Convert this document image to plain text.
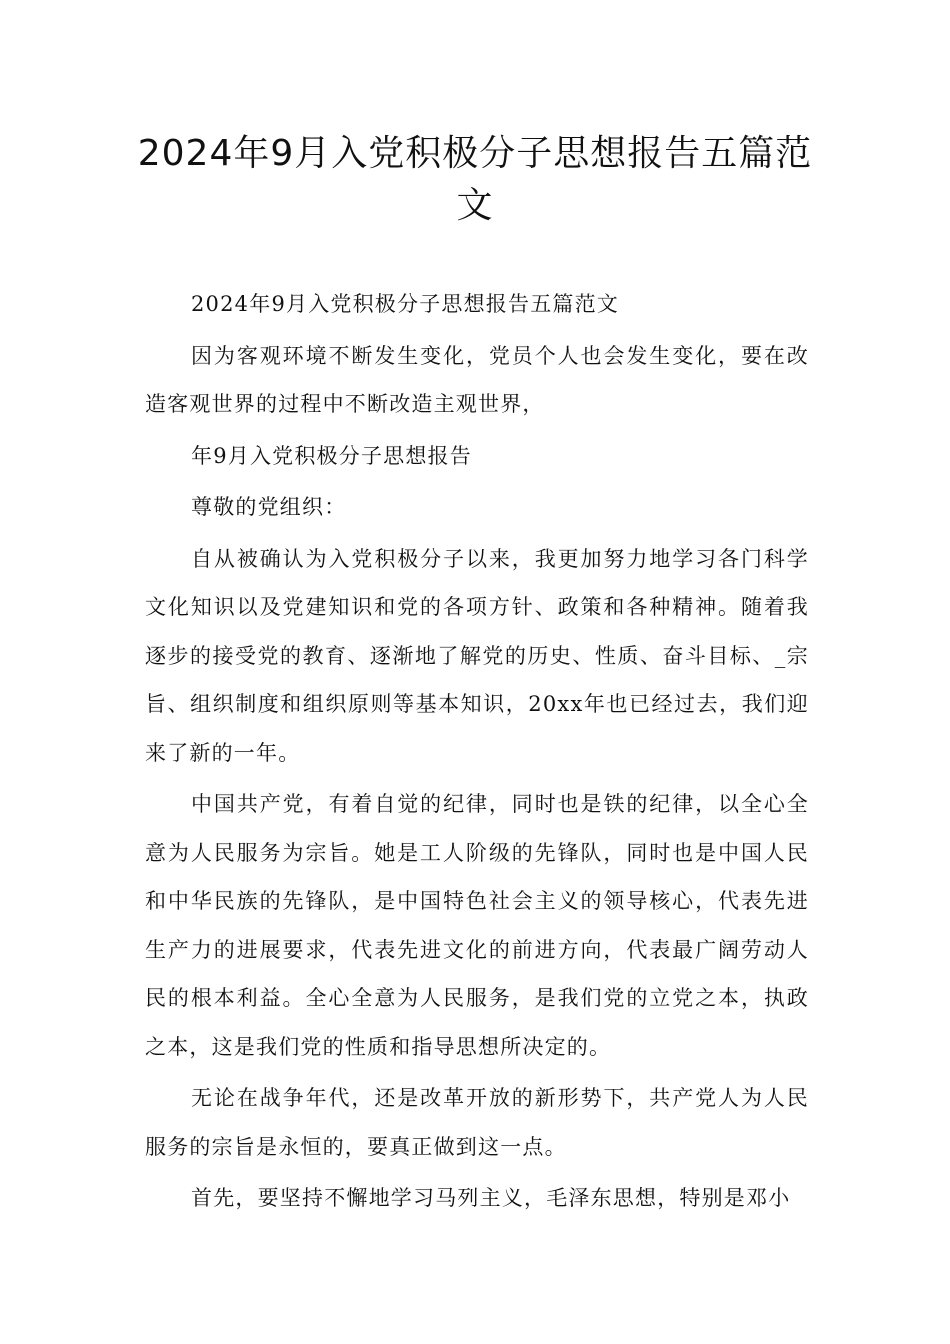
2024年9月入党积极分子思想报告五篇范文

2024年9月入党积极分子思想报告五篇范文

因为客观环境不断发生变化，党员个人也会发生变化，要在改造客观世界的过程中不断改造主观世界，

年9月入党积极分子思想报告

尊敬的党组织：

自从被确认为入党积极分子以来，我更加努力地学习各门科学文化知识以及党建知识和党的各项方针、政策和各种精神。随着我逐步的接受党的教育、逐渐地了解党的历史、性质、奋斗目标、_宗旨、组织制度和组织原则等基本知识，20xx年也已经过去，我们迎来了新的一年。

中国共产党，有着自觉的纪律，同时也是铁的纪律，以全心全意为人民服务为宗旨。她是工人阶级的先锋队，同时也是中国人民和中华民族的先锋队，是中国特色社会主义的领导核心，代表先进生产力的进展要求，代表先进文化的前进方向，代表最广阔劳动人民的根本利益。全心全意为人民服务，是我们党的立党之本，执政之本，这是我们党的性质和指导思想所决定的。

无论在战争年代，还是改革开放的新形势下，共产党人为人民服务的宗旨是永恒的，要真正做到这一点。

首先，要坚持不懈地学习马列主义，毛泽东思想，特别是邓小
